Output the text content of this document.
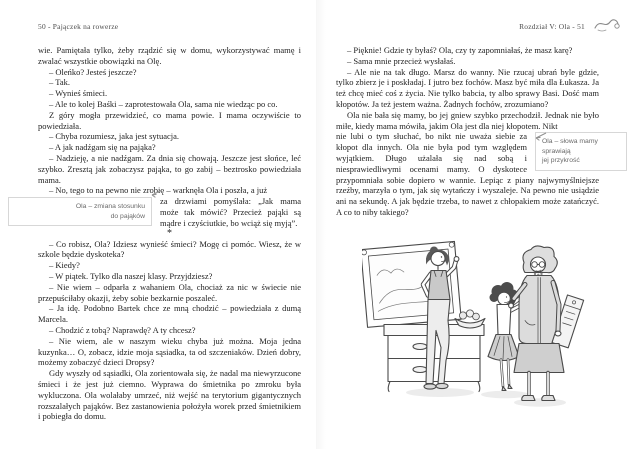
50 - Pajączek na rowerze	Rozdział V: Ola - 51

wie. Pamiętała tylko, żeby rządzić się w domu, wykorzystywać mamę i zwalać wszystkie obowiązki na Olę.

– Oleńko? Jesteś jeszcze?

– Tak.

– Wynieś śmieci.

– Ale to kolej Baśki – zaprotestowała Ola, sama nie wiedząc po co.

Z góry mogła przewidzieć, co mama powie. I mama oczywiście to powiedziała.

– Chyba rozumiesz, jaka jest sytuacja.

– A jak nadźgam się na pająka?

– Nadzieję, a nie nadźgam. Za dnia się chowają. Jeszcze jest słońce, leć szybko. Zresztą jak zobaczysz pająka, to go zabij – beztrosko powiedziała mama.

– No, tego to na pewno nie zrobię – warknęła Ola i poszła, a już

Ola – zmiana stosunku
do pająków

za drzwiami pomyślała: „Jak mama może tak mówić? Przecież pająki są mądre i czyściutkie, bo wciąż się myją”.

*

– Co robisz, Ola? Idziesz wynieść śmieci? Mogę ci pomóc. Wiesz, że w szkole będzie dyskoteka?

– Kiedy?

– W piątek. Tylko dla naszej klasy. Przyjdziesz?

– Nie wiem – odparła z wahaniem Ola, chociaż za nic w świecie nie przepuściłaby okazji, żeby sobie bezkarnie poszaleć.

– Ja idę. Podobno Bartek chce ze mną chodzić – powiedziała z dumą Marcela.

– Chodzić z tobą? Naprawdę? A ty chcesz?

– Nie wiem, ale w naszym wieku chyba już można. Moja jedna kuzynka… O, zobacz, idzie moja sąsiadka, ta od szczeniaków. Dzień dobry, możemy zobaczyć dzieci Dropsy?

Gdy wyszły od sąsiadki, Ola zorientowała się, że nadal ma niewyrzucone śmieci i że jest już ciemno. Wyprawa do śmietnika po zmroku była wykluczona. Ola wolałaby umrzeć, niż wejść na terytorium gigantycznych rozszalałych pająków. Bez zastanowienia położyła worek przed śmietnikiem i pobiegła do domu.

– Pięknie! Gdzie ty byłaś? Ola, czy ty zapomniałaś, że masz karę?

– Sama mnie przecież wysłałaś.

– Ale nie na tak długo. Marsz do wanny. Nie rzucaj ubrań byle gdzie, tylko zbierz je i poskładaj. I jutro bez fochów. Masz być miła dla Łukasza. Ja też chcę mieć coś z życia. Nie tylko babcia, ty albo sprawy Basi. Dość mam kłopotów. Ja też jestem ważna. Żadnych fochów, zrozumiano?

Ola nie bała się mamy, bo jej gniew szybko przechodził. Jednak nie było miłe, kiedy mama mówiła, jakim Ola jest dla niej kłopotem. Nikt

Ola – słowa mamy sprawiają
jej przykrość

nie lubi o tym słuchać, bo nikt nie uważa siebie za kłopot dla innych. Ola nie była pod tym względem wyjątkiem. Długo użalała się nad sobą i niesprawiedliwymi ocenami mamy. O dyskotece przypomniała sobie dopiero w wannie. Lepiąc z piany najwymyślniejsze rzeźby, marzyła o tym, jak się wytańczy i wyszaleje. Na pewno nie usiądzie ani na sekundę. A jak będzie trzeba, to nawet z chłopakiem może zatańczyć. A co to niby takiego?
